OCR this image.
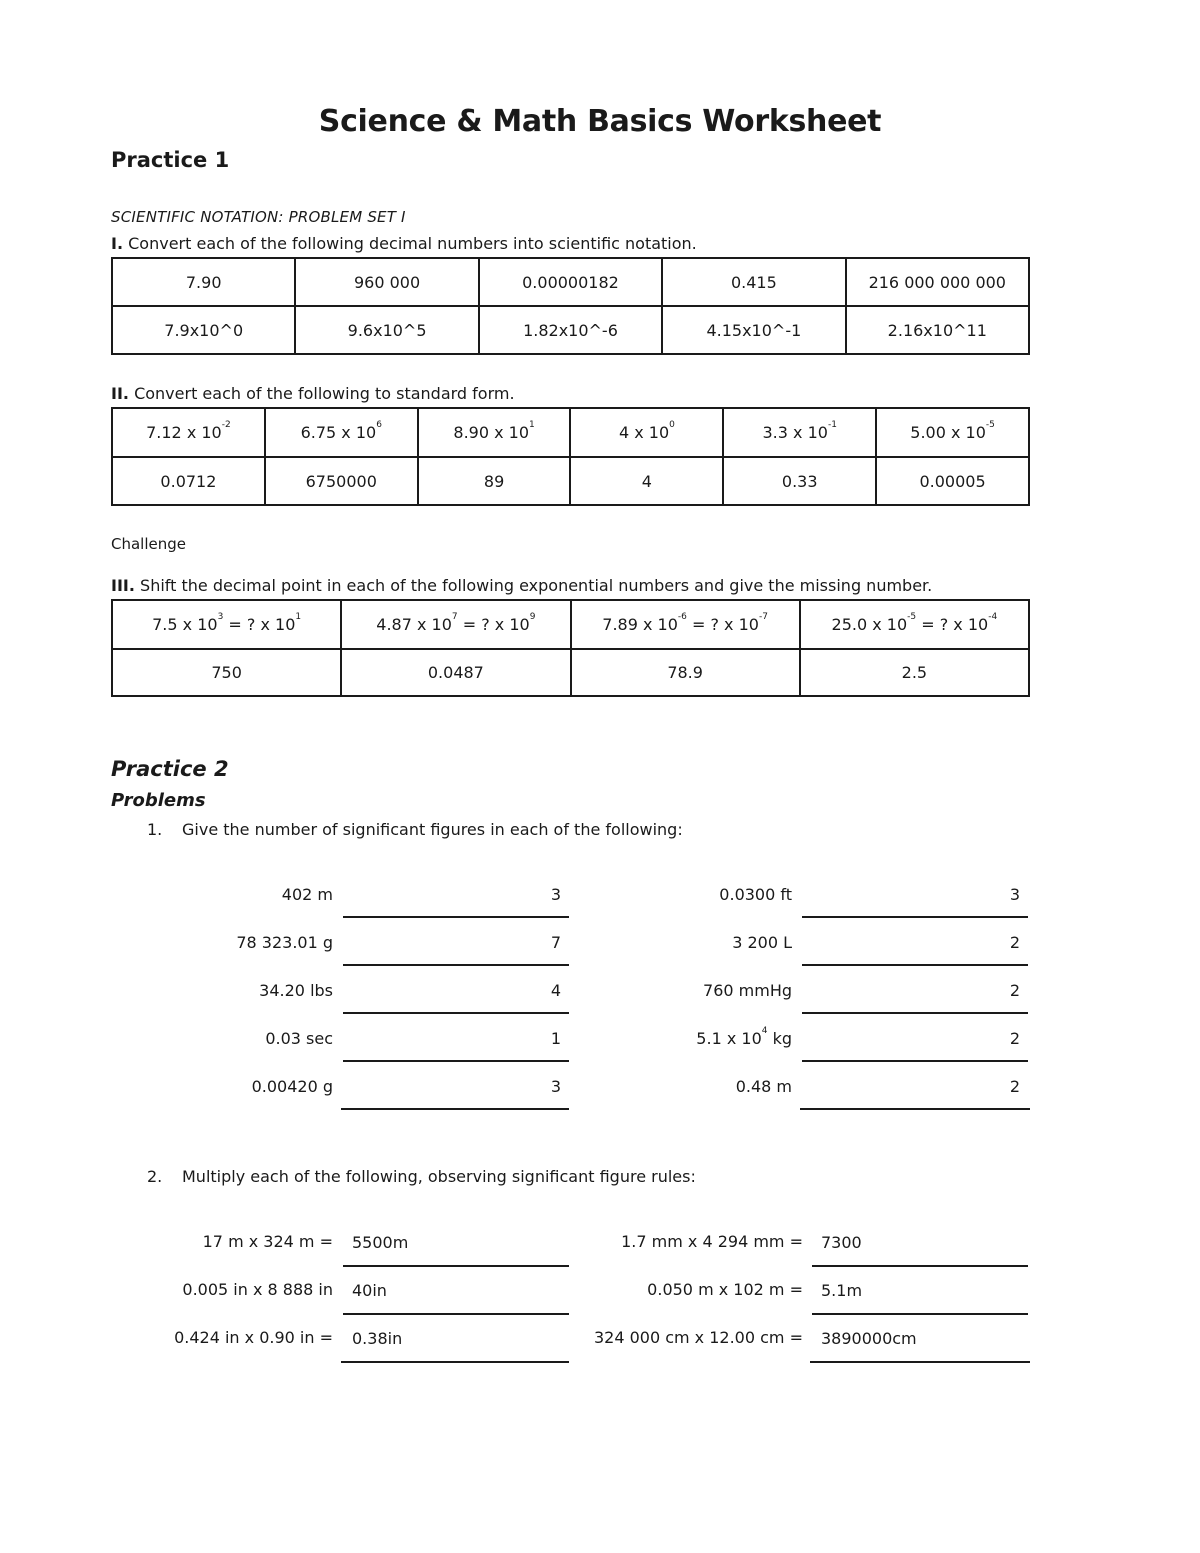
Science & Math Basics Worksheet
Practice 1
SCIENTIFIC NOTATION: PROBLEM SET I
I. Convert each of the following decimal numbers into scientific notation.
7.90	960 000	0.00000182	0.415	216 000 000 000
7.9x10^0	9.6x10^5	1.82x10^-6	4.15x10^-1	2.16x10^11
II. Convert each of the following to standard form.
7.12 x $10^{-2}$	6.75 x $10^6$	8.90 x $10^1$	4 x $10^0$	3.3 x $10^{-1}$	5.00 x $10^{-5}$
0.0712	6750000	89	4	0.33	0.00005
Challenge
III. Shift the decimal point in each of the following exponential numbers and give the missing number.
7.5 x $10^3$ = ? x $10^1$	4.87 x $10^7$ = ? x $10^9$	7.89 x $10^{-6}$ = ? x $10^{-7}$	25.0 x $10^{-5}$ = ? x $10^{-4}$
750	0.0487	78.9	2.5
Practice 2
Problems
1. Give the number of significant figures in each of the following:
402 m	3
78 323.01 g	7
34.20 lbs	4
0.03 sec	1
0.00420 g	3
0.0300 ft	3
3 200 L	2
760 mmHg	2
5.1 x $10^4$ kg	2
0.48 m	2
2. Multiply each of the following, observing significant figure rules:
17 m x 324 m = 5500m
0.005 in x 8 888 in 40in
0.424 in x 0.90 in = 0.38in
1.7 mm x 4 294 mm = 7300
0.050 m x 102 m = 5.1m
324 000 cm x 12.00 cm = 3890000cm
